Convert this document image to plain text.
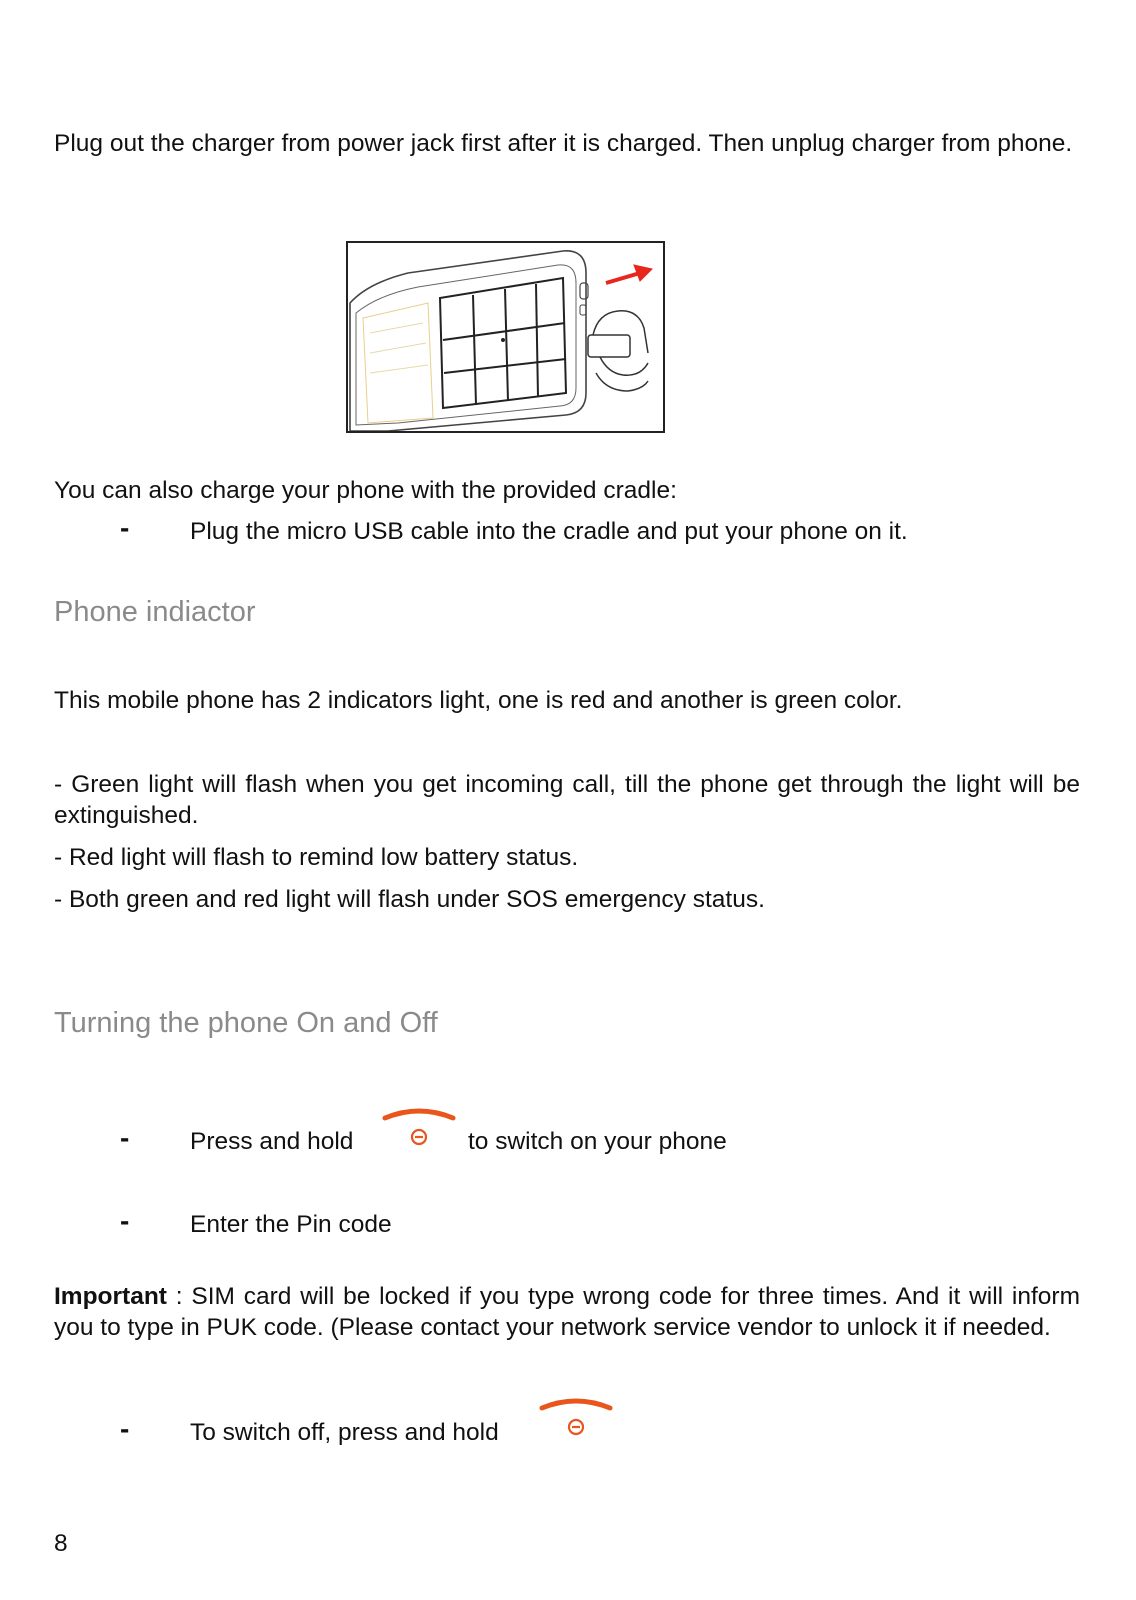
Plug out the charger from power jack first after it is charged. Then unplug charger from phone.
You can also charge your phone with the provided cradle:
- Plug the micro USB cable into the cradle and put your phone on it.
Phone indiactor
This mobile phone has 2 indicators light, one is red and another is green color.
- Green light will flash when you get incoming call, till the phone get through the light will be extinguished.
- Red light will flash to remind low battery status.
- Both green and red light will flash under SOS emergency status.
Turning the phone On and Off
- Press and hold	to switch on your phone
- Enter the Pin code
Important : SIM card will be locked if you type wrong code for three times. And it will inform you to type in PUK code. (Please contact your network service vendor to unlock it if needed.
- To switch off, press and hold
8
